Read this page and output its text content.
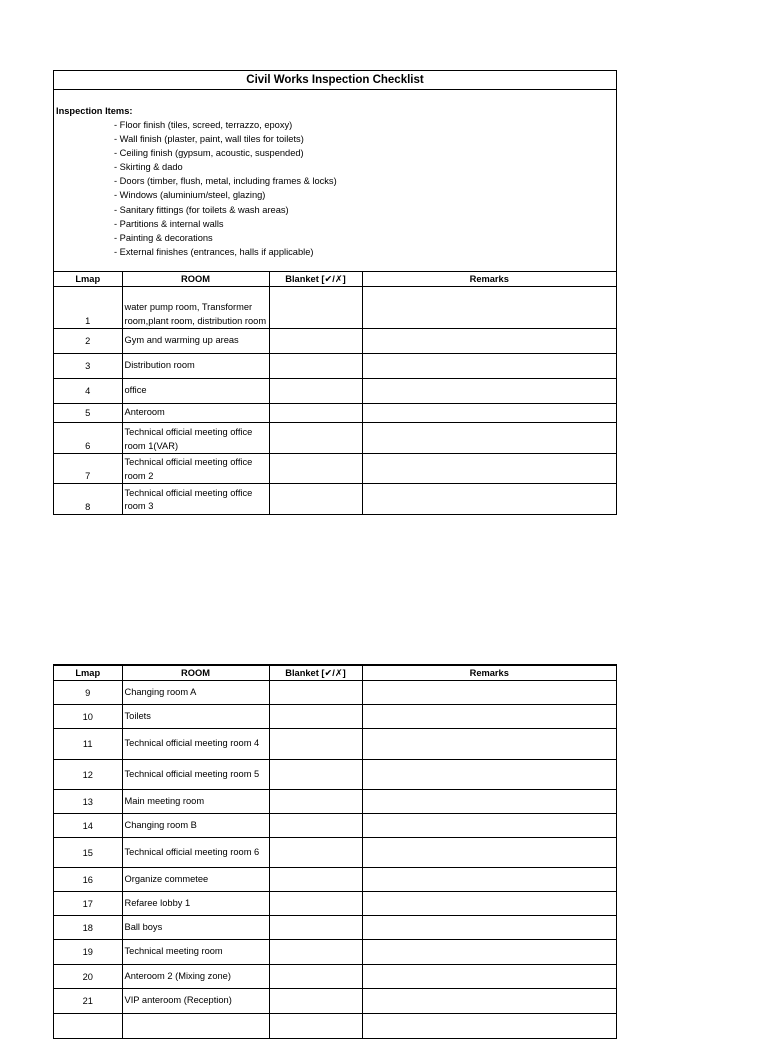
Civil Works Inspection Checklist
Inspection Items:
- Floor finish (tiles, screed, terrazzo, epoxy)
- Wall finish (plaster, paint, wall tiles for toilets)
- Ceiling finish (gypsum, acoustic, suspended)
- Skirting & dado
- Doors (timber, flush, metal, including frames & locks)
- Windows (aluminium/steel, glazing)
- Sanitary fittings (for toilets & wash areas)
- Partitions & internal walls
- Painting & decorations
- External finishes (entrances, halls if applicable)
Lmap	ROOM	Blanket [✔/✗]	Remarks
1	water pump room, Transformer room,plant room, distribution room		
2	Gym and warming up areas		
3	Distribution room		
4	office		
5	Anteroom		
6	Technical official meeting office room 1(VAR)		
7	Technical official meeting office room 2		
8	Technical official meeting office room 3		
Lmap	ROOM	Blanket [✔/✗]	Remarks
9	Changing room A		
10	Toilets		
11	Technical official meeting room 4		
12	Technical official meeting room 5		
13	Main meeting room		
14	Changing room B		
15	Technical official meeting room 6		
16	Organize commetee		
17	Refaree lobby 1		
18	Ball boys		
19	Technical meeting room		
20	Anteroom 2 (Mixing zone)		
21	VIP anteroom (Reception)		
